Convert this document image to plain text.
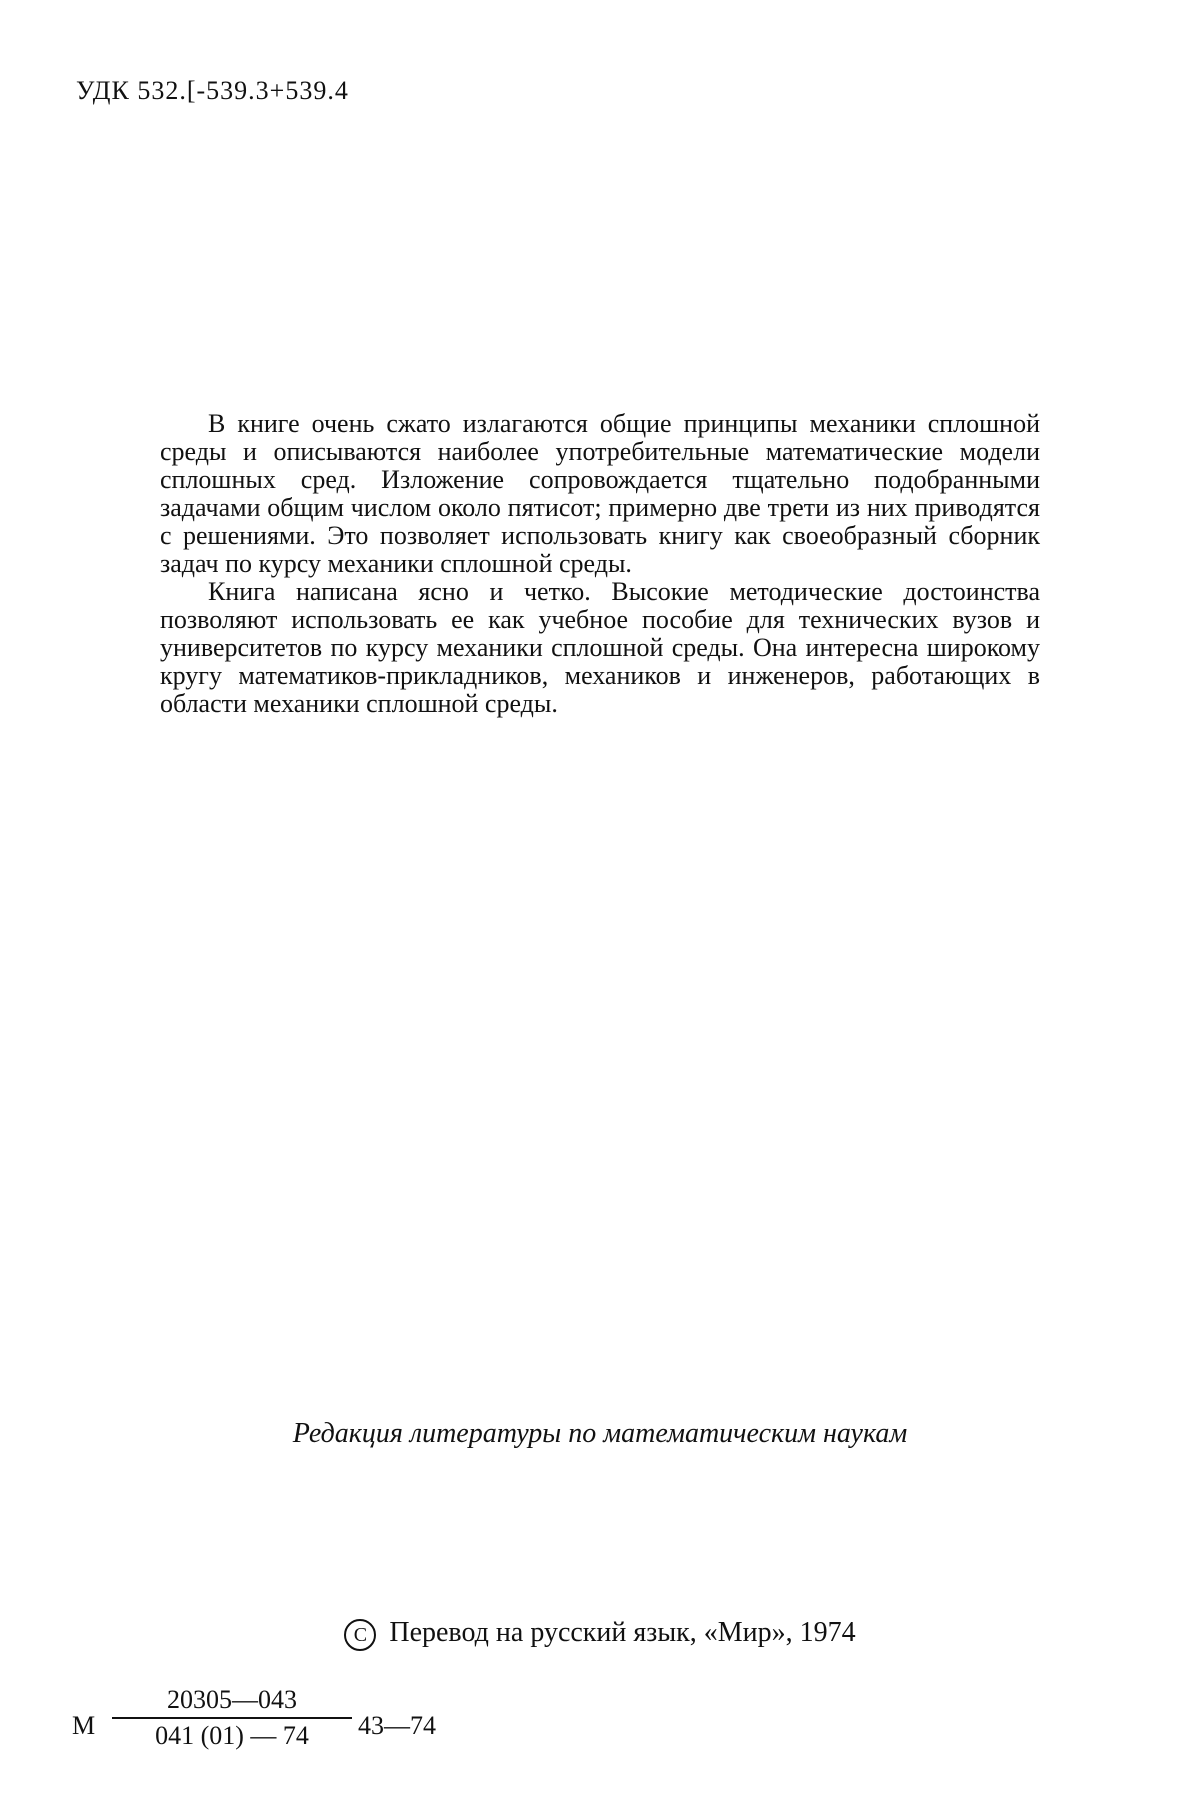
УДК 532.[-539.3+539.4

В книге очень сжато излагаются общие принципы механики сплошной среды и описываются наиболее употребительные математические модели сплошных сред. Изложение сопровождается тщательно подобранными задачами общим числом около пятисот; примерно две трети из них приводятся с решениями. Это позволяет использовать книгу как своеобразный сборник задач по курсу механики сплошной среды.

Книга написана ясно и четко. Высокие методические достоинства позволяют использовать ее как учебное пособие для технических вузов и университетов по курсу механики сплошной среды. Она интересна широкому кругу математиков-прикладников, механиков и инженеров, работающих в области механики сплошной среды.

Редакция литературы по математическим наукам
C Перевод на русский язык, «Мир», 1974
М $\frac{20305—043}{041 (01) — 74}$ 43—74
